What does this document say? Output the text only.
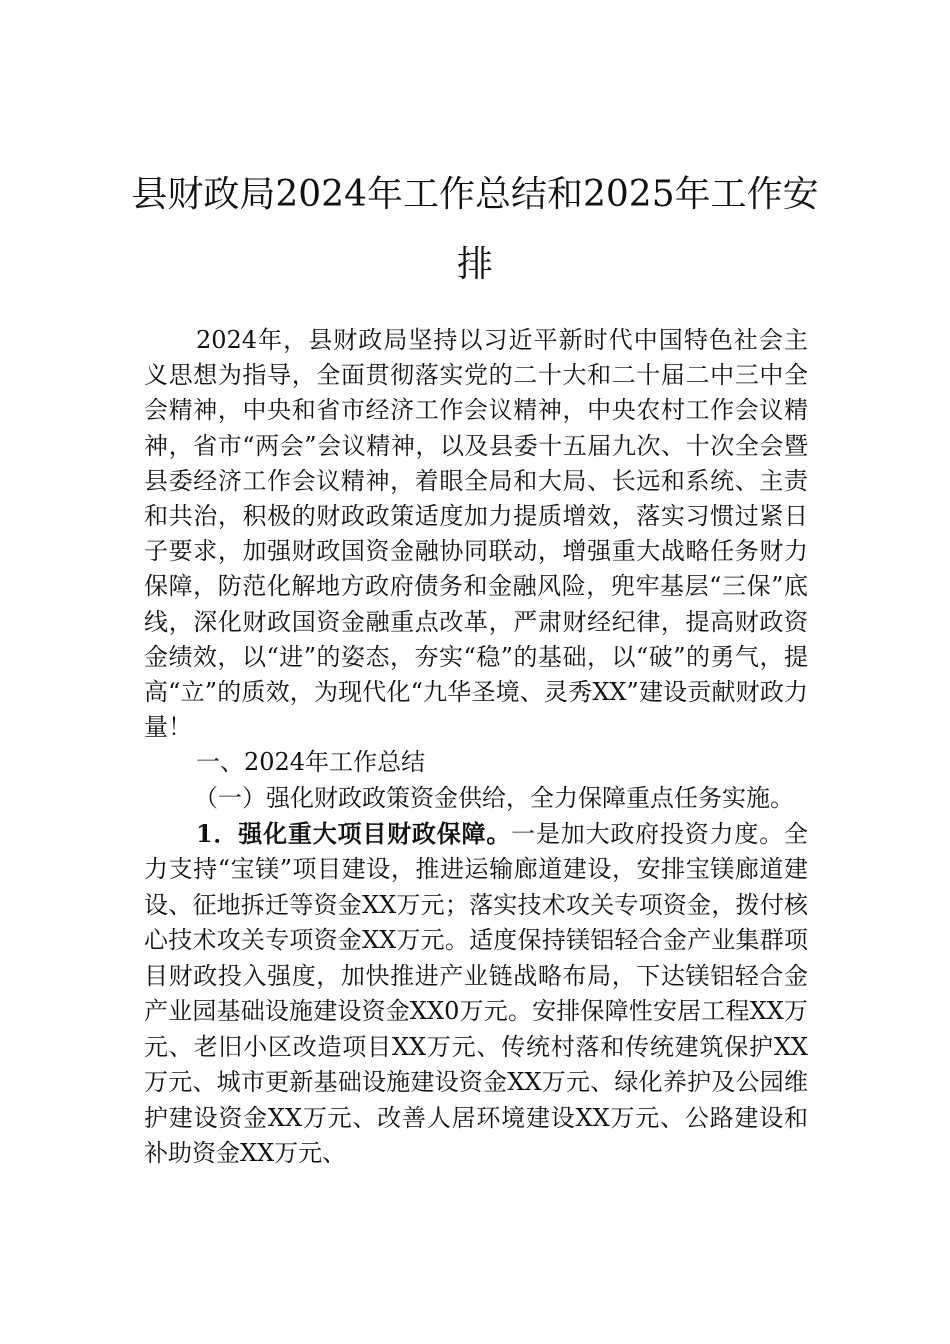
县财政局2024年工作总结和2025年工作安排

2024年，县财政局坚持以习近平新时代中国特色社会主义思想为指导，全面贯彻落实党的二十大和二十届二中三中全会精神，中央和省市经济工作会议精神，中央农村工作会议精神，省市“两会”会议精神，以及县委十五届九次、十次全会暨县委经济工作会议精神，着眼全局和大局、长远和系统、主责和共治，积极的财政政策适度加力提质增效，落实习惯过紧日子要求，加强财政国资金融协同联动，增强重大战略任务财力保障，防范化解地方政府债务和金融风险，兜牢基层“三保”底线，深化财政国资金融重点改革，严肃财经纪律，提高财政资金绩效，以“进”的姿态，夯实“稳”的基础，以“破”的勇气，提高“立”的质效，为现代化“九华圣境、灵秀XX”建设贡献财政力量！

一、2024年工作总结

（一）强化财政政策资金供给，全力保障重点任务实施。

1．强化重大项目财政保障。一是加大政府投资力度。全力支持“宝镁”项目建设，推进运输廊道建设，安排宝镁廊道建设、征地拆迁等资金XX万元；落实技术攻关专项资金，拨付核心技术攻关专项资金XX万元。适度保持镁铝轻合金产业集群项目财政投入强度，加快推进产业链战略布局，下达镁铝轻合金产业园基础设施建设资金XX0万元。安排保障性安居工程XX万元、老旧小区改造项目XX万元、传统村落和传统建筑保护XX万元、城市更新基础设施建设资金XX万元、绿化养护及公园维护建设资金XX万元、改善人居环境建设XX万元、公路建设和补助资金XX万元、
